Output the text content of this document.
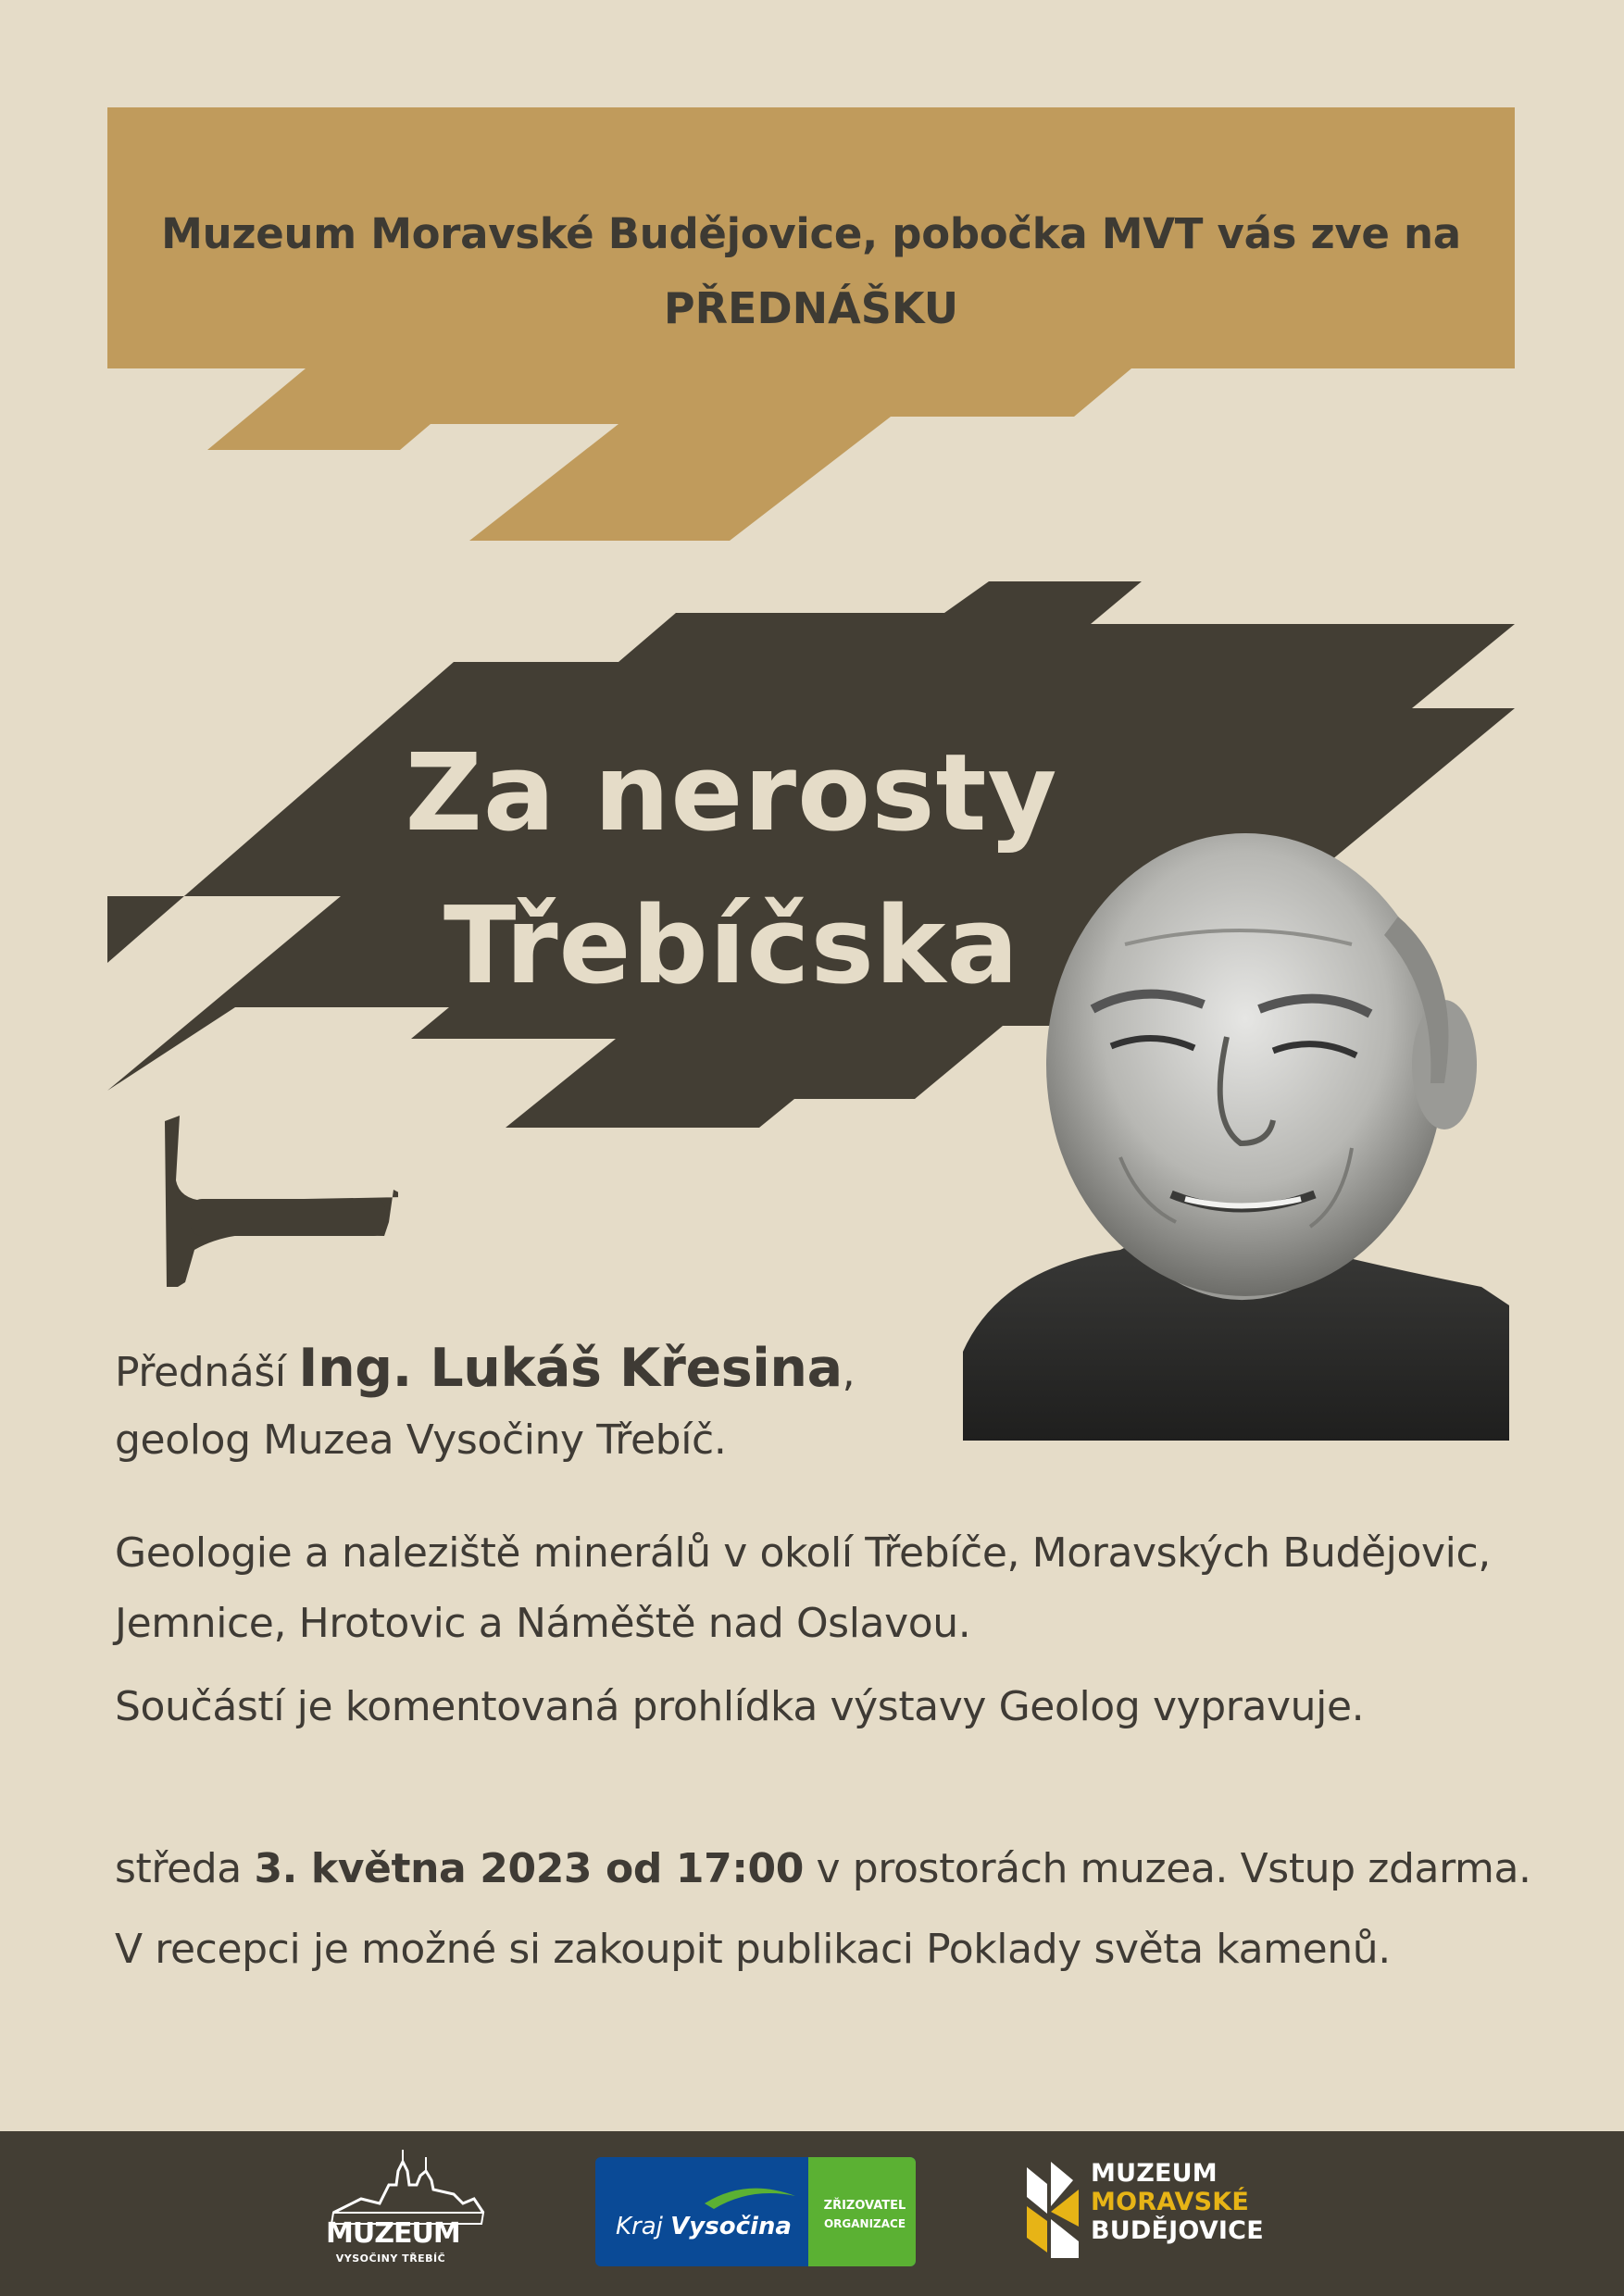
Muzeum Moravské Budějovice, pobočka MVT vás zve na
PŘEDNÁŠKU
Za nerosty
Třebíčska
Přednáší Ing. Lukáš Křesina,
geolog Muzea Vysočiny Třebíč.
Geologie a naleziště minerálů v okolí Třebíče, Moravských Budějovic,
Jemnice, Hrotovic a Náměště nad Oslavou.
Součástí je komentovaná prohlídka výstavy Geolog vypravuje.
středa 3. května 2023 od 17:00 v prostorách muzea. Vstup zdarma.
V recepci je možné si zakoupit publikaci Poklady světa kamenů.
MUZEUM
VYSOČINY TŘEBÍČ
Kraj Vysočina
ZŘIZOVATEL
ORGANIZACE
MUZEUM
MORAVSKÉ
BUDĚJOVICE
